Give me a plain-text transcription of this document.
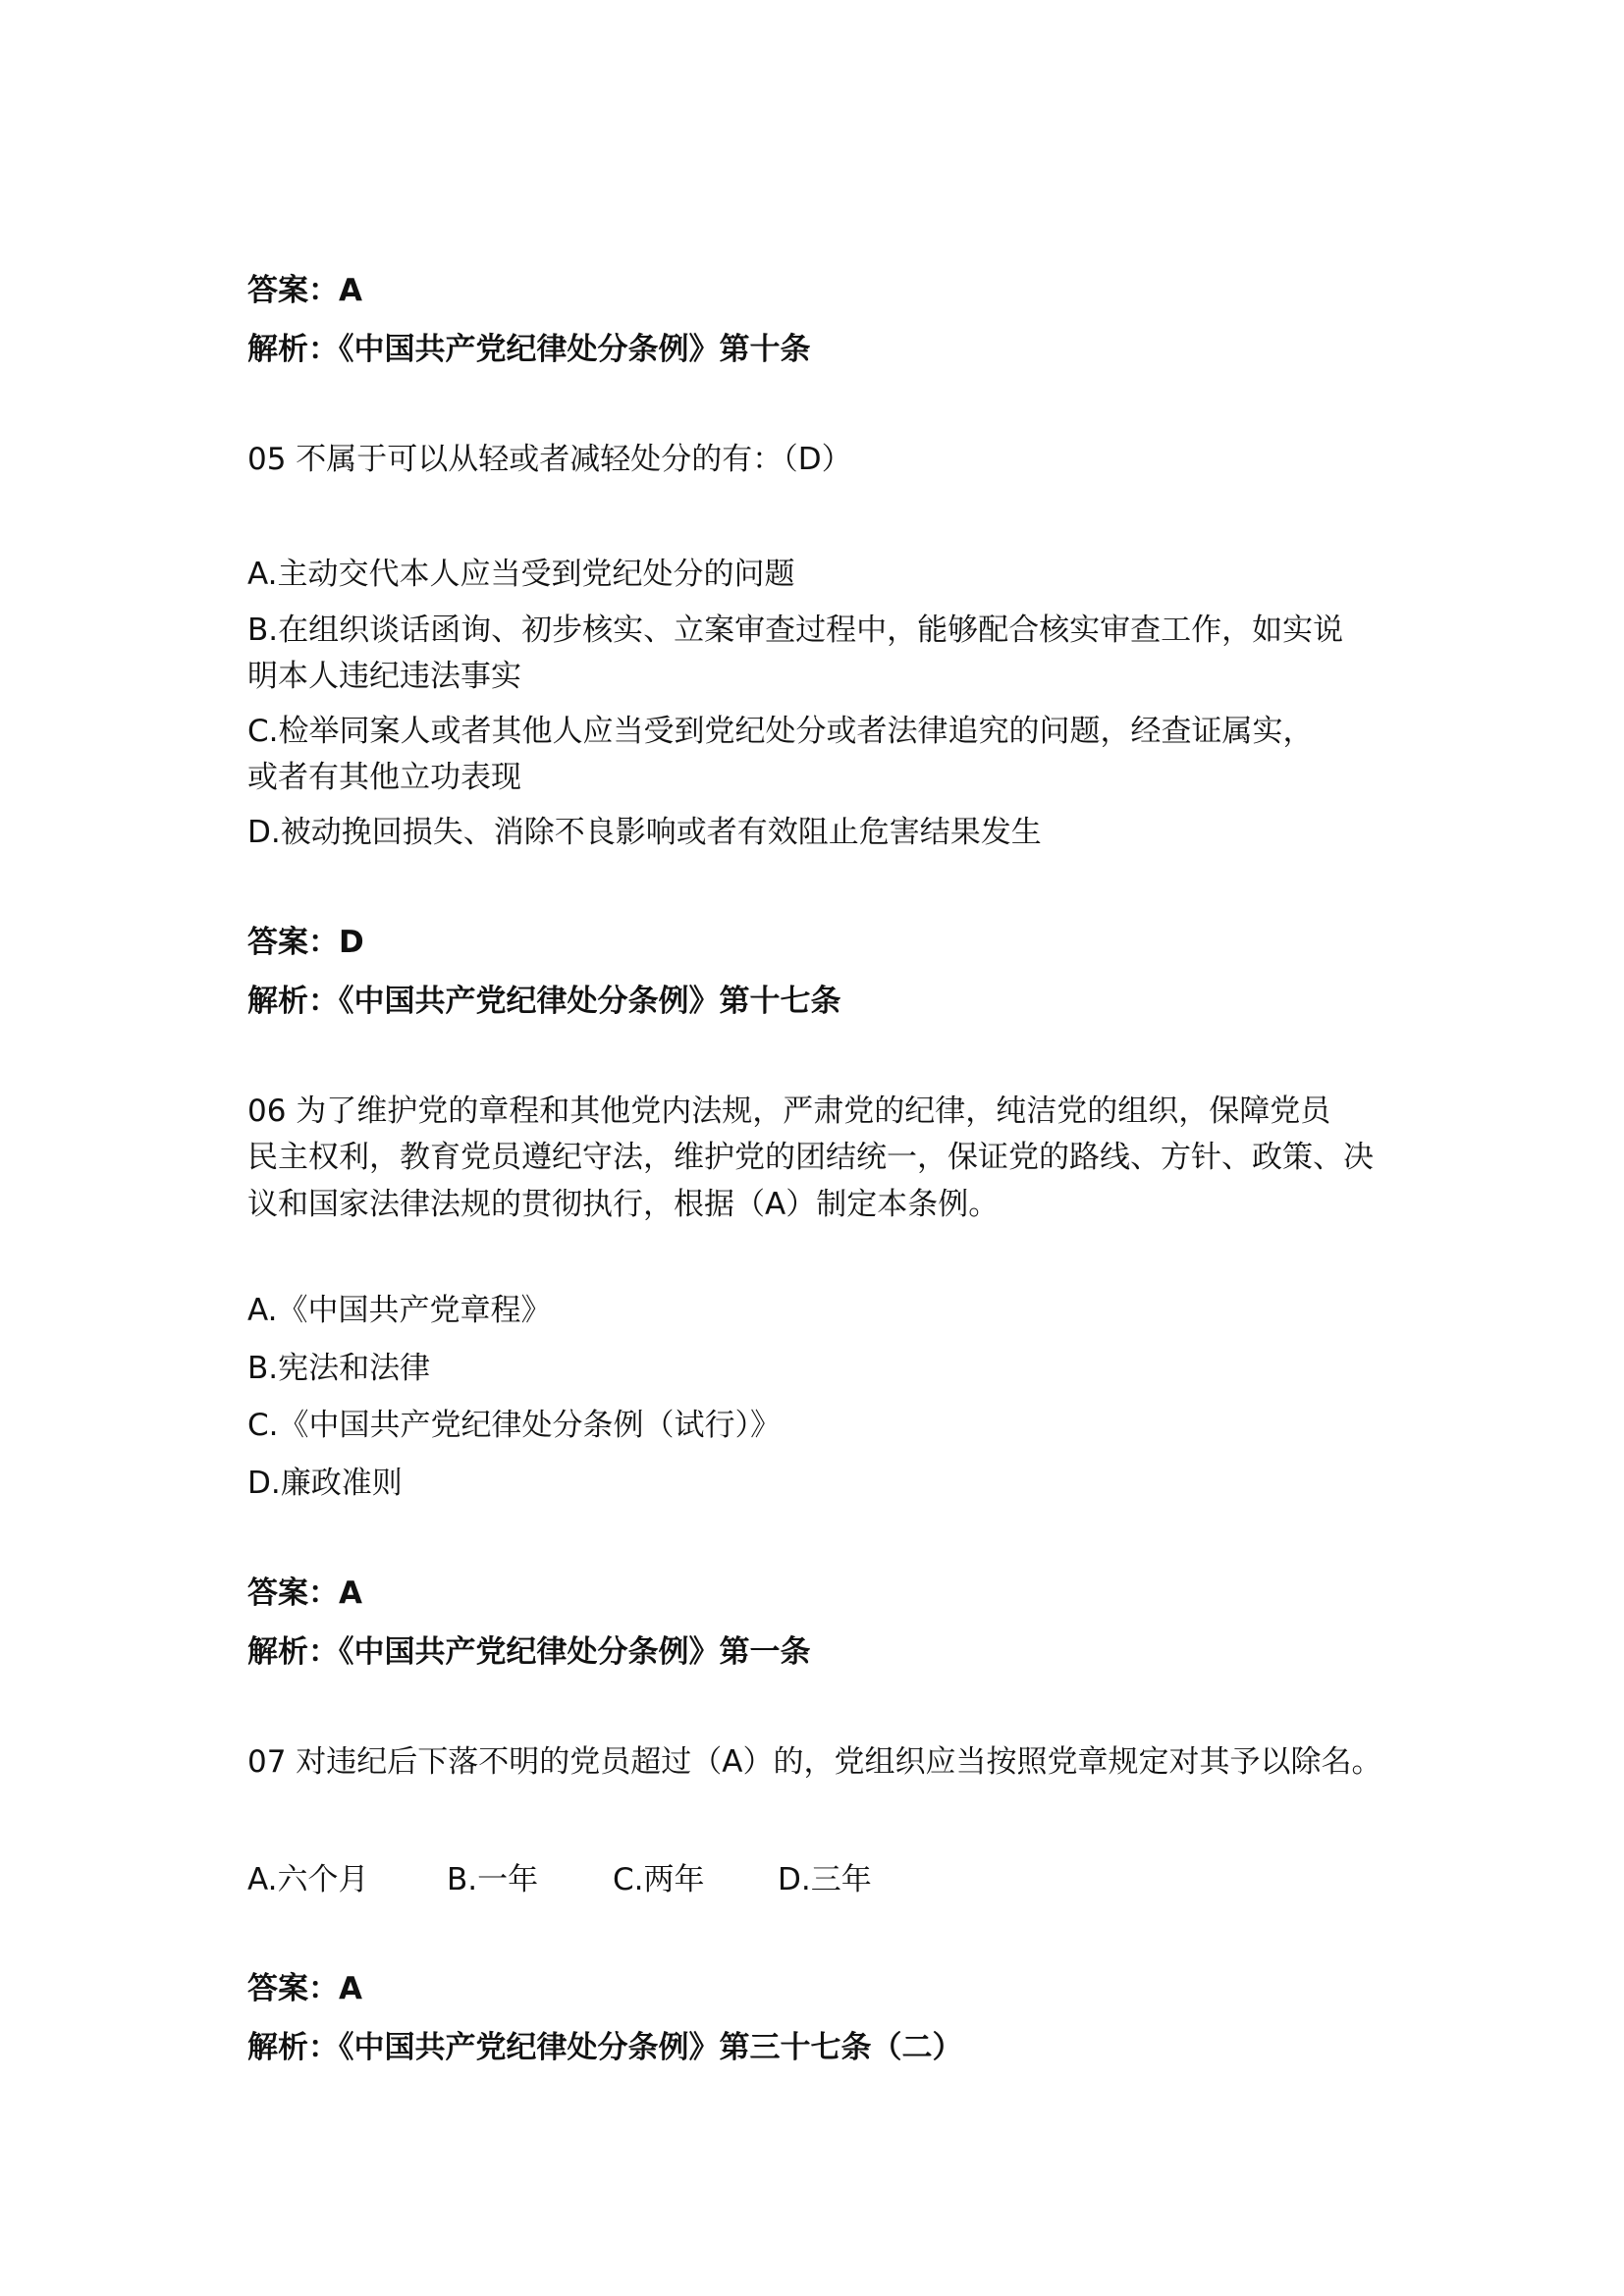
答案：A

解析：《中国共产党纪律处分条例》第十条

05 不属于可以从轻或者减轻处分的有：（D）

A.主动交代本人应当受到党纪处分的问题

B.在组织谈话函询、初步核实、立案审查过程中，能够配合核实审查工作，如实说

明本人违纪违法事实

C.检举同案人或者其他人应当受到党纪处分或者法律追究的问题，经查证属实，

或者有其他立功表现

D.被动挽回损失、消除不良影响或者有效阻止危害结果发生

答案：D

解析：《中国共产党纪律处分条例》第十七条

06 为了维护党的章程和其他党内法规，严肃党的纪律，纯洁党的组织，保障党员

民主权利，教育党员遵纪守法，维护党的团结统一，保证党的路线、方针、政策、决

议和国家法律法规的贯彻执行，根据（A）制定本条例。

A.《中国共产党章程》

B.宪法和法律

C.《中国共产党纪律处分条例（试行）》

D.廉政准则

答案：A

解析：《中国共产党纪律处分条例》第一条

07 对违纪后下落不明的党员超过（A）的，党组织应当按照党章规定对其予以除名。

A.六个月	B.一年 C.两年 D.三年

答案：A

解析：《中国共产党纪律处分条例》第三十七条（二）
